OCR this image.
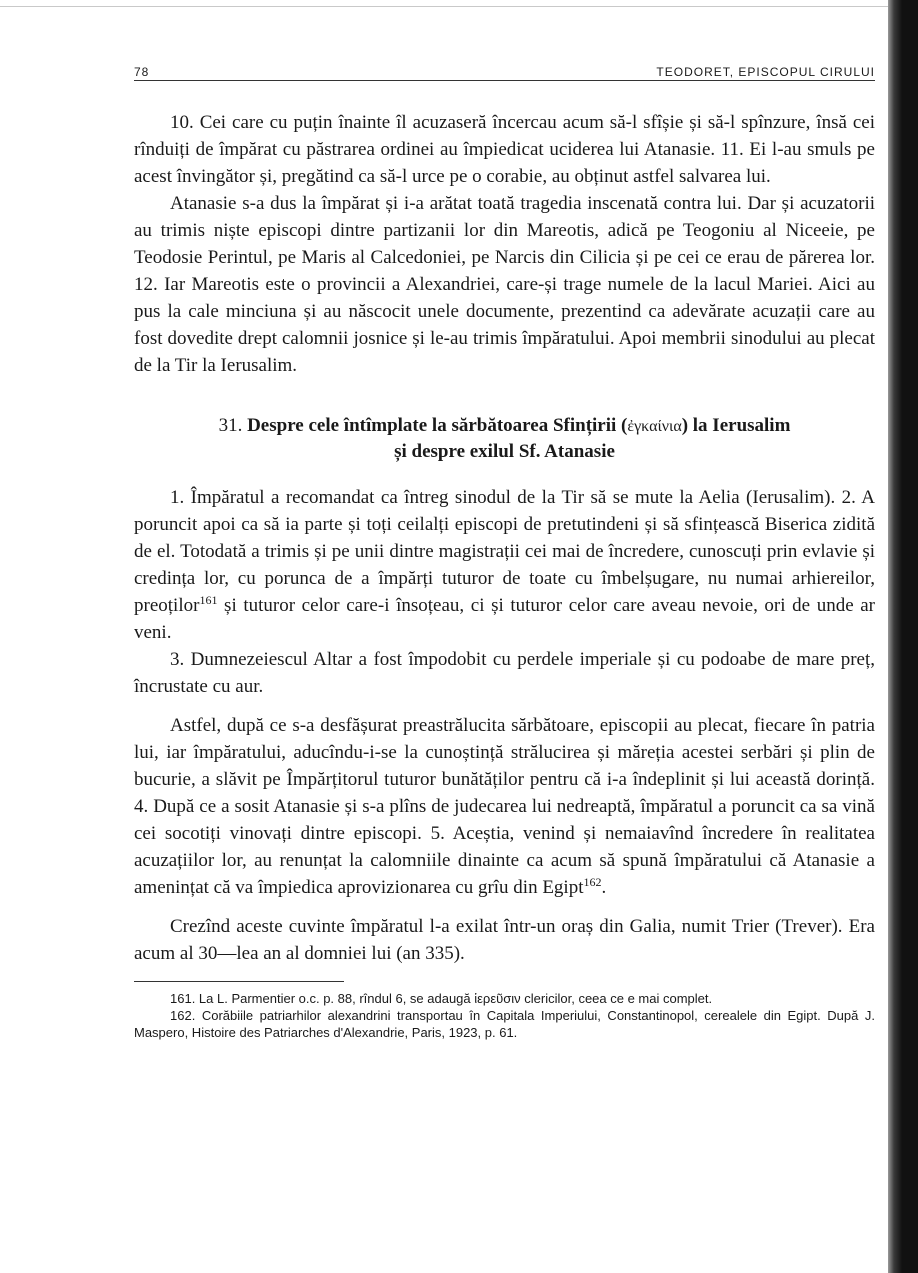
78	TEODORET, EPISCOPUL CIRULUI

10. Cei care cu puțin înainte îl acuzaseră încercau acum să-l sfîșie și să-l spînzure, însă cei rînduiți de împărat cu păstrarea ordinei au împiedicat uciderea lui Atanasie. 11. Ei l-au smuls pe acest învingător și, pregătind ca să-l urce pe o corabie, au obținut astfel salvarea lui.

Atanasie s-a dus la împărat și i-a arătat toată tragedia inscenată contra lui. Dar și acuzatorii au trimis niște episcopi dintre partizanii lor din Mareotis, adică pe Teogoniu al Niceeie, pe Teodosie Perintul, pe Maris al Calcedoniei, pe Narcis din Cilicia și pe cei ce erau de părerea lor. 12. Iar Mareotis este o provincii a Alexandriei, care-și trage numele de la lacul Mariei. Aici au pus la cale minciuna și au născocit unele documente, prezentind ca adevărate acuzații care au fost dovedite drept calomnii josnice și le-au trimis împăratului. Apoi membrii sinodului au plecat de la Tir la Ierusalim.

31. Despre cele întîmplate la sărbătoarea Sfințirii (ἐγκαίνια) la Ierusalim
și despre exilul Sf. Atanasie

1. Împăratul a recomandat ca întreg sinodul de la Tir să se mute la Aelia (Ierusalim). 2. A poruncit apoi ca să ia parte și toți ceilalți episcopi de pretutindeni și să sfințească Biserica zidită de el. Totodată a trimis și pe unii dintre magistrații cei mai de încredere, cunoscuți prin evlavie și credința lor, cu porunca de a împărți tuturor de toate cu îmbelșugare, nu numai arhiereilor, preoților$^{161}$ și tuturor celor care-i însoțeau, ci și tuturor celor care aveau nevoie, ori de unde ar veni.

3. Dumnezeiescul Altar a fost împodobit cu perdele imperiale și cu podoabe de mare preț, încrustate cu aur.

Astfel, după ce s-a desfășurat preastrălucita sărbătoare, episcopii au plecat, fiecare în patria lui, iar împăratului, aducîndu-i-se la cunoștință strălucirea și măreția acestei serbări și plin de bucurie, a slăvit pe Împărțitorul tuturor bunătăților pentru că i-a îndeplinit și lui această dorință. 4. După ce a sosit Atanasie și s-a plîns de judecarea lui nedreaptă, împăratul a poruncit ca sa vină cei socotiți vinovați dintre episcopi. 5. Aceștia, venind și nemaiavînd încredere în realitatea acuzațiilor lor, au renunțat la calomniile dinainte ca acum să spună împăratului că Atanasie a amenințat că va împiedica aprovizionarea cu grîu din Egipt$^{162}$.

Crezînd aceste cuvinte împăratul l-a exilat într-un oraș din Galia, numit Trier (Trever). Era acum al 30—lea an al domniei lui (an 335).

161. La L. Parmentier o.c. p. 88, rîndul 6, se adaugă ἱερεῦσιν clericilor, ceea ce e mai complet.

162. Corăbiile patriarhilor alexandrini transportau în Capitala Imperiului, Constantinopol, cerealele din Egipt. După J. Maspero, Histoire des Patriarches d'Alexandrie, Paris, 1923, p. 61.
